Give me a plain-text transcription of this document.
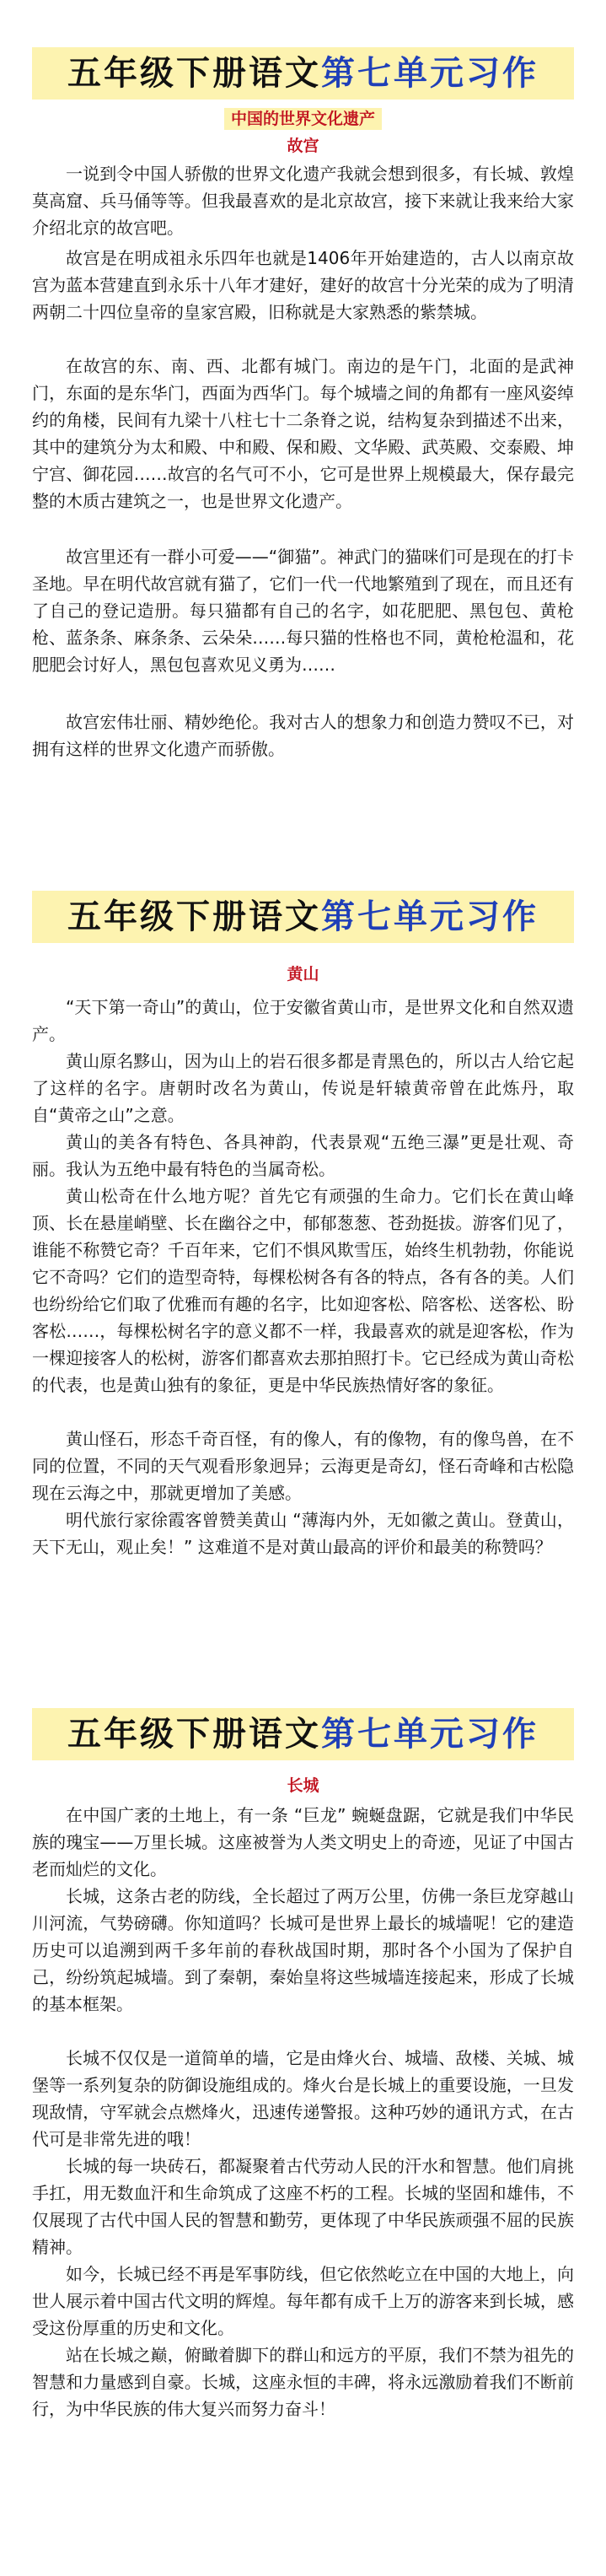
五年级下册语文第七单元习作
中国的世界文化遗产
故宫

一说到令中国人骄傲的世界文化遗产我就会想到很多，有长城、敦煌莫高窟、兵马俑等等。但我最喜欢的是北京故宫，接下来就让我来给大家介绍北京的故宫吧。

故宫是在明成祖永乐四年也就是1406年开始建造的，古人以南京故宫为蓝本营建直到永乐十八年才建好，建好的故宫十分光荣的成为了明清两朝二十四位皇帝的皇家宫殿，旧称就是大家熟悉的紫禁城。

在故宫的东、南、西、北都有城门。南边的是午门，北面的是武神门，东面的是东华门，西面为西华门。每个城墙之间的角都有一座风姿绰约的角楼，民间有九梁十八柱七十二条脊之说，结构复杂到描述不出来，其中的建筑分为太和殿、中和殿、保和殿、文华殿、武英殿、交泰殿、坤宁宫、御花园……故宫的名气可不小，它可是世界上规模最大，保存最完整的木质古建筑之一，也是世界文化遗产。

故宫里还有一群小可爱——“御猫”。神武门的猫咪们可是现在的打卡圣地。早在明代故宫就有猫了，它们一代一代地繁殖到了现在，而且还有了自己的登记造册。每只猫都有自己的名字，如花肥肥、黑包包、黄枪枪、蓝条条、麻条条、云朵朵……每只猫的性格也不同，黄枪枪温和，花肥肥会讨好人，黑包包喜欢见义勇为……

故宫宏伟壮丽、精妙绝伦。我对古人的想象力和创造力赞叹不已，对拥有这样的世界文化遗产而骄傲。

五年级下册语文第七单元习作
黄山

“天下第一奇山”的黄山，位于安徽省黄山市，是世界文化和自然双遗产。

黄山原名黟山，因为山上的岩石很多都是青黑色的，所以古人给它起了这样的名字。唐朝时改名为黄山，传说是轩辕黄帝曾在此炼丹，取自“黄帝之山”之意。

黄山的美各有特色、各具神韵，代表景观“五绝三瀑”更是壮观、奇丽。我认为五绝中最有特色的当属奇松。

黄山松奇在什么地方呢？首先它有顽强的生命力。它们长在黄山峰顶、长在悬崖峭壁、长在幽谷之中，郁郁葱葱、苍劲挺拔。游客们见了，谁能不称赞它奇？千百年来，它们不惧风欺雪压，始终生机勃勃，你能说它不奇吗？它们的造型奇特，每棵松树各有各的特点，各有各的美。人们也纷纷给它们取了优雅而有趣的名字，比如迎客松、陪客松、送客松、盼客松……，每棵松树名字的意义都不一样，我最喜欢的就是迎客松，作为一棵迎接客人的松树，游客们都喜欢去那拍照打卡。它已经成为黄山奇松的代表，也是黄山独有的象征，更是中华民族热情好客的象征。

黄山怪石，形态千奇百怪，有的像人，有的像物，有的像鸟兽，在不同的位置，不同的天气观看形象迥异；云海更是奇幻，怪石奇峰和古松隐现在云海之中，那就更增加了美感。

明代旅行家徐霞客曾赞美黄山 “薄海内外，无如徽之黄山。登黄山，天下无山，观止矣！” 这难道不是对黄山最高的评价和最美的称赞吗？

五年级下册语文第七单元习作
长城

在中国广袤的土地上，有一条 “巨龙” 蜿蜒盘踞，它就是我们中华民族的瑰宝——万里长城。这座被誉为人类文明史上的奇迹，见证了中国古老而灿烂的文化。

长城，这条古老的防线，全长超过了两万公里，仿佛一条巨龙穿越山川河流，气势磅礴。你知道吗？长城可是世界上最长的城墙呢！它的建造历史可以追溯到两千多年前的春秋战国时期，那时各个小国为了保护自己，纷纷筑起城墙。到了秦朝，秦始皇将这些城墙连接起来，形成了长城的基本框架。

长城不仅仅是一道简单的墙，它是由烽火台、城墙、敌楼、关城、城堡等一系列复杂的防御设施组成的。烽火台是长城上的重要设施，一旦发现敌情，守军就会点燃烽火，迅速传递警报。这种巧妙的通讯方式，在古代可是非常先进的哦！

长城的每一块砖石，都凝聚着古代劳动人民的汗水和智慧。他们肩挑手扛，用无数血汗和生命筑成了这座不朽的工程。长城的坚固和雄伟，不仅展现了古代中国人民的智慧和勤劳，更体现了中华民族顽强不屈的民族精神。

如今，长城已经不再是军事防线，但它依然屹立在中国的大地上，向世人展示着中国古代文明的辉煌。每年都有成千上万的游客来到长城，感受这份厚重的历史和文化。

站在长城之巅，俯瞰着脚下的群山和远方的平原，我们不禁为祖先的智慧和力量感到自豪。长城，这座永恒的丰碑，将永远激励着我们不断前行，为中华民族的伟大复兴而努力奋斗！
